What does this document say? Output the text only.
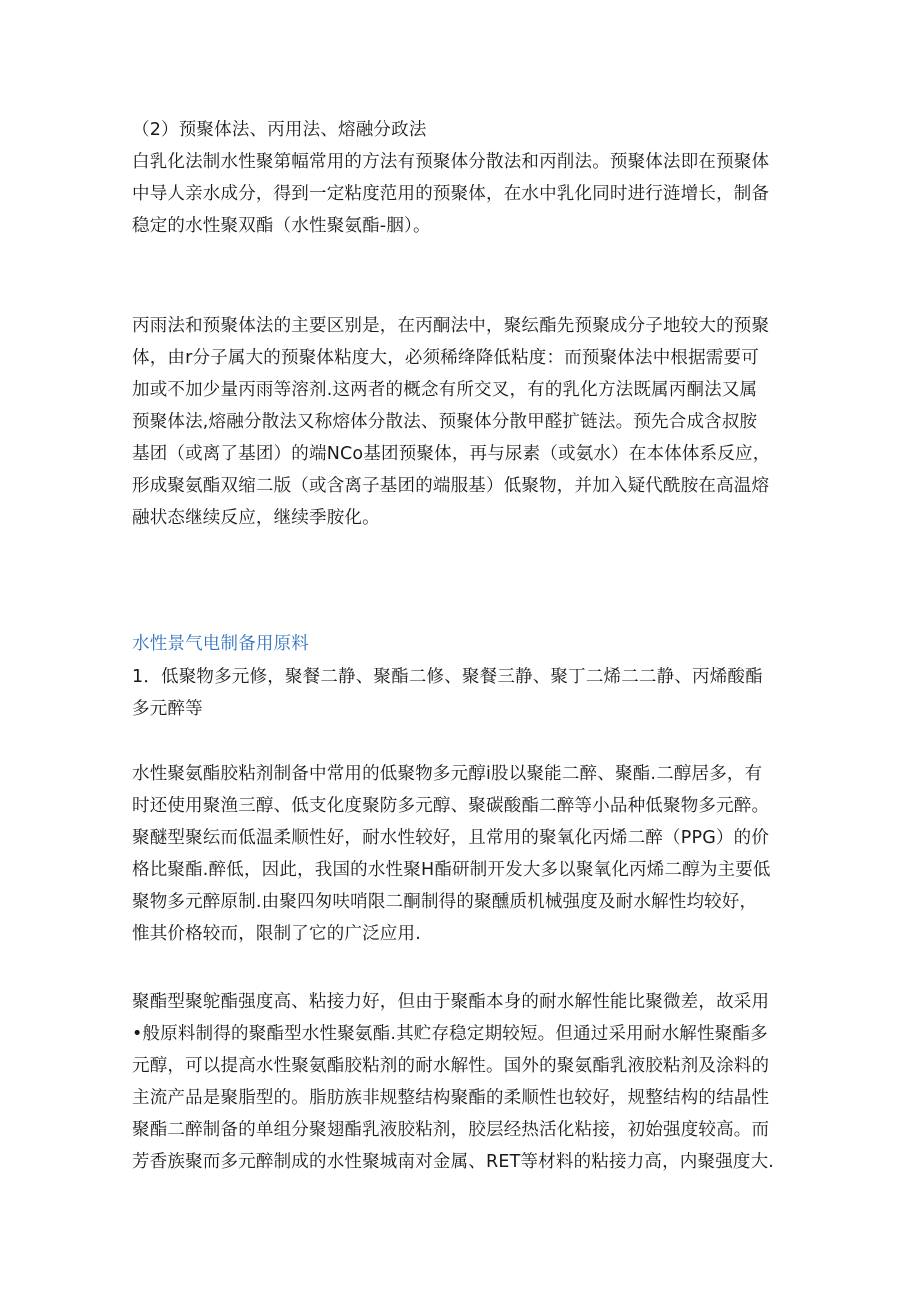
（2）预聚体法、丙用法、熔融分政法
白乳化法制水性聚第幅常用的方法有预聚体分散法和丙削法。预聚体法即在预聚体
中导人亲水成分，得到一定粘度范用的预聚体，在水中乳化同时进行涟增长，制备
稳定的水性聚双酯（水性聚氨酯-胭）。
丙雨法和预聚体法的主要区别是，在丙酮法中，聚纭酯先预聚成分子地较大的预聚
体，由r分子属大的预聚体粘度大，必须稀绛降低粘度：而预聚体法中根据需要可
加或不加少量丙雨等溶剂.这两者的概念有所交叉，有的乳化方法既属丙酮法又属
预聚体法,熔融分散法又称熔体分散法、预聚体分散甲醛扩链法。预先合成含叔胺
基团（或离了基团）的端NCo基团预聚体，再与尿素（或氨水）在本体体系反应，
形成聚氨酯双缩二版（或含离子基团的端服基）低聚物，并加入疑代酰胺在高温熔
融状态继续反应，继续季胺化。
水性景气电制备用原料
1．低聚物多元修，聚餐二静、聚酯二修、聚餐三静、聚丁二烯二二静、丙烯酸酯
多元醉等
水性聚氨酯胶粘剂制备中常用的低聚物多元醇i股以聚能二醉、聚酯.二醇居多，有
时还使用聚渔三醇、低支化度聚防多元醇、聚碳酸酯二醉等小品种低聚物多元醉。
聚醚型聚纭而低温柔顺性好，耐水性较好，且常用的聚氧化丙烯二醉（PPG）的价
格比聚酯.醉低，因此，我国的水性聚H酯研制开发大多以聚氧化丙烯二醇为主要低
聚物多元醉原制.由聚四匆呋哨限二酮制得的聚醺质机械强度及耐水解性均较好，
惟其价格较而，限制了它的广泛应用.
聚酯型聚鸵酯强度高、粘接力好，但由于聚酯本身的耐水解性能比聚微差，故采用
•般原料制得的聚酯型水性聚氨酯.其贮存稳定期较短。但通过采用耐水解性聚酯多
元醇，可以提高水性聚氨酯胶粘剂的耐水解性。国外的聚氨酯乳液胶粘剂及涂料的
主流产品是聚脂型的。脂肪族非规整结构聚酯的柔顺性也较好，规整结构的结晶性
聚酯二醉制备的单组分聚翅酯乳液胶粘剂，胶层经热活化粘接，初始强度较高。而
芳香族聚而多元醉制成的水性聚城南对金属、RET等材料的粘接力高，内聚强度大.
